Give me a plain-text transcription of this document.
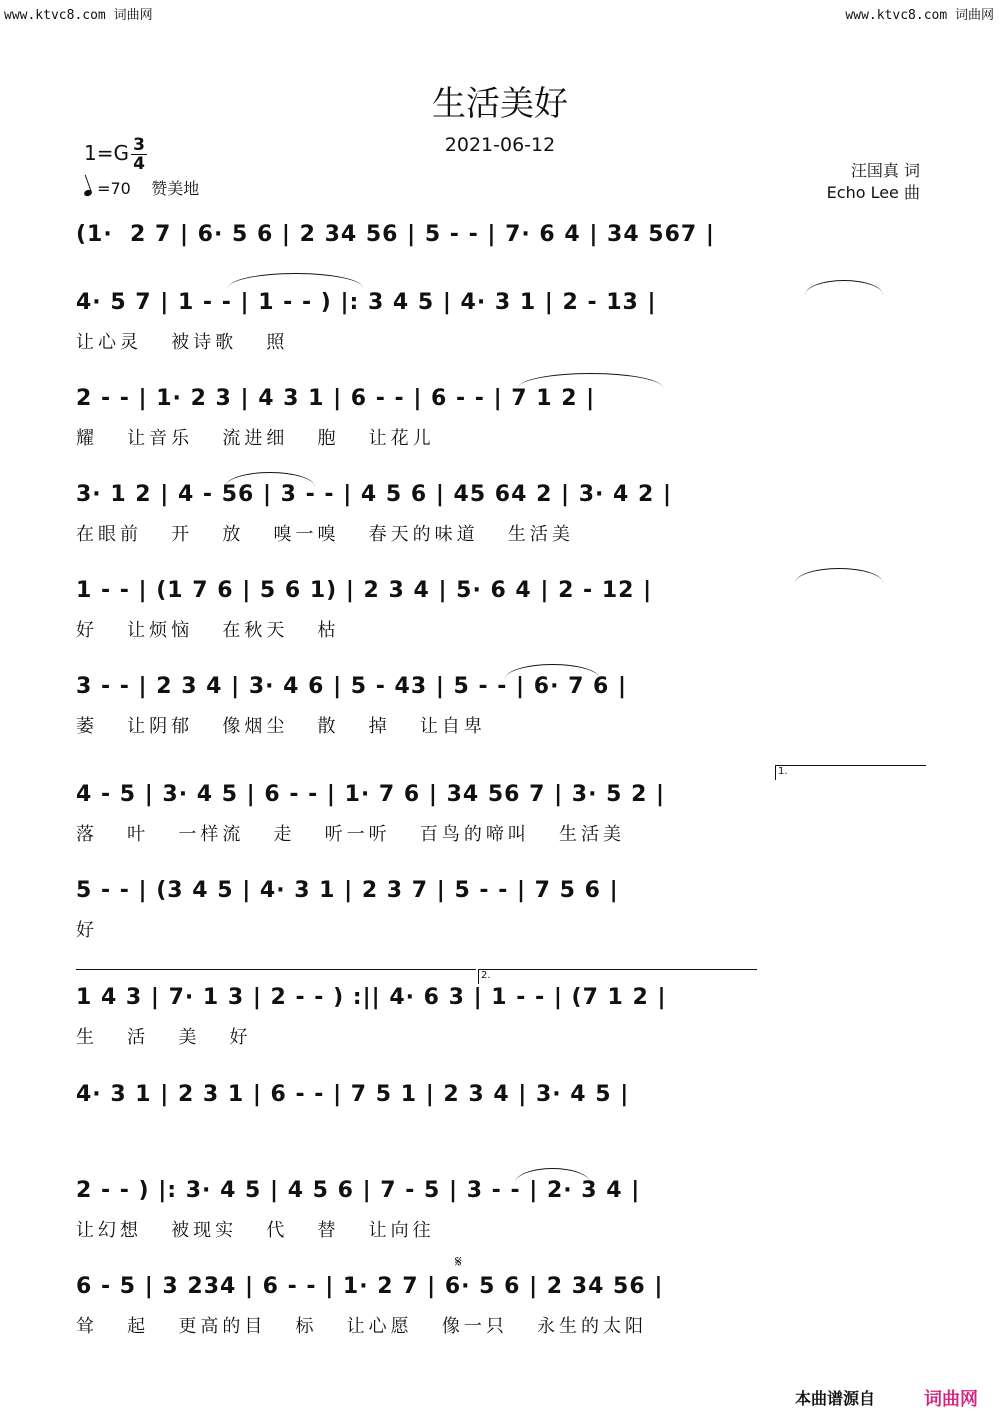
www.ktvc8.com 词曲网	www.ktvc8.com 词曲网
生活美好
2021-06-12
$1=G \frac{3}{4}$
=70 赞美地
汪国真 词
Echo Lee 曲
(1·  2 7 | 6· 5 6 | 2 34 56 | 5 - - | 7· 6 4 | 34 567 |
4· 5 7 | 1 - - | 1 - - ) |: 3 4 5 | 4· 3 1 | 2 - 13 |
让心灵   被诗歌   照
2 - - | 1· 2 3 | 4 3 1 | 6 - - | 6 - - | 7 1 2 |
耀   让音乐   流进细   胞   让花儿
3· 1 2 | 4 - 56 | 3 - - | 4 5 6 | 45 64 2 | 3· 4 2 |
在眼前   开   放   嗅一嗅   春天的味道   生活美
1 - - | (1 7 6 | 5 6 1) | 2 3 4 | 5· 6 4 | 2 - 12 |
好   让烦恼   在秋天   枯
3 - - | 2 3 4 | 3· 4 6 | 5 - 43 | 5 - - | 6· 7 6 |
萎   让阴郁   像烟尘   散   掉   让自卑
4 - 5 | 3· 4 5 | 6 - - | 1· 7 6 | 34 56 7 | 3· 5 2 |
落   叶   一样流   走   听一听   百鸟的啼叫   生活美
5 - - | (3 4 5 | 4· 3 1 | 2 3 7 | 5 - - | 7 5 6 |
好
1 4 3 | 7· 1 3 | 2 - - ) :|| 4· 6 3 | 1 - - | (7 1 2 |
生   活   美   好
4· 3 1 | 2 3 1 | 6 - - | 7 5 1 | 2 3 4 | 3· 4 5 |
2 - - ) |: 3· 4 5 | 4 5 6 | 7 - 5 | 3 - - | 2· 3 4 |
让幻想   被现实   代   替   让向往
6 - 5 | 3 234 | 6 - - | 1· 2 7 | 6· 5 6 | 2 34 56 |
耸   起   更高的目   标   让心愿   像一只   永生的太阳
1.
2.
𝄋
本曲谱源自	词曲网
